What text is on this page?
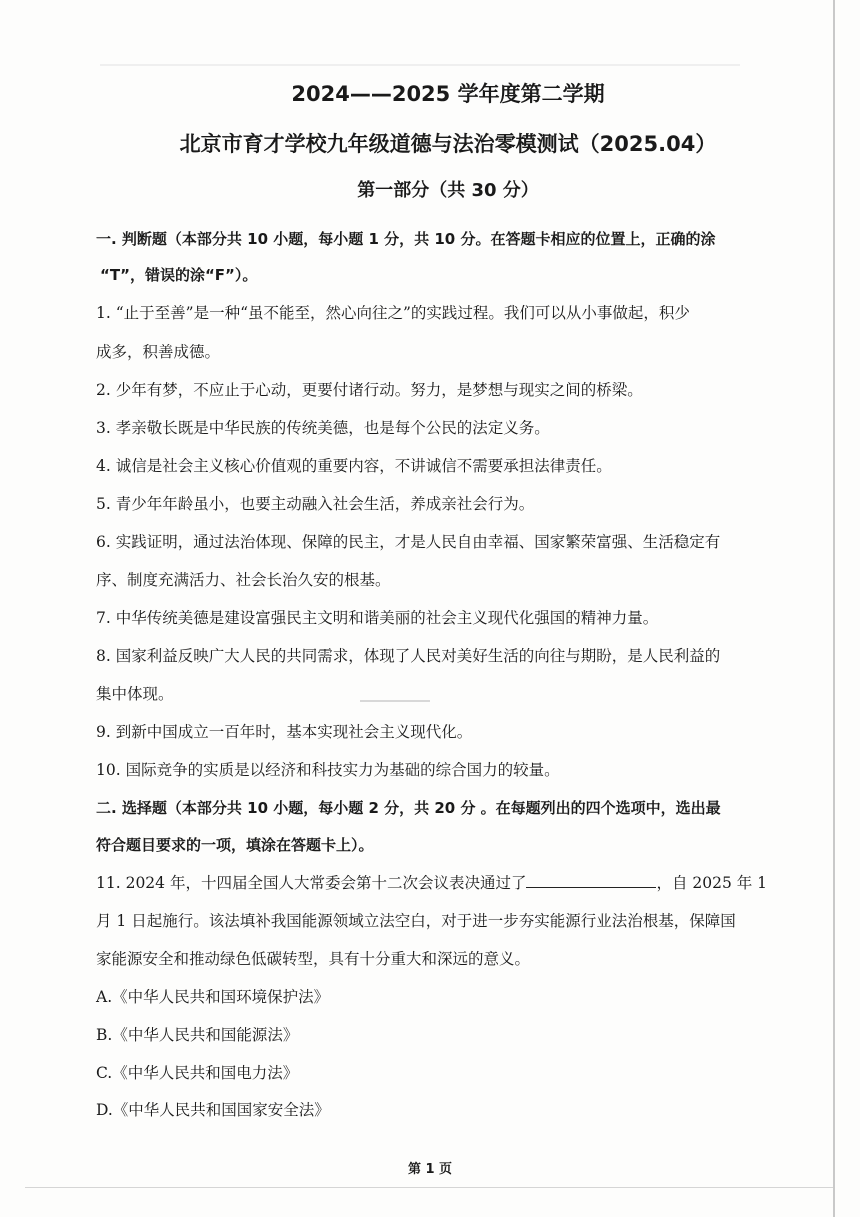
2024——2025 学年度第二学期
北京市育才学校九年级道德与法治零模测试（2025.04）
第一部分（共 30 分）
一. 判断题（本部分共 10 小题，每小题 1 分，共 10 分。在答题卡相应的位置上，正确的涂
“T”，错误的涂“F”）。
1. “止于至善”是一种“虽不能至，然心向往之”的实践过程。我们可以从小事做起，积少
成多，积善成德。
2. 少年有梦，不应止于心动，更要付诸行动。努力，是梦想与现实之间的桥梁。
3. 孝亲敬长既是中华民族的传统美德，也是每个公民的法定义务。
4. 诚信是社会主义核心价值观的重要内容，不讲诚信不需要承担法律责任。
5. 青少年年龄虽小，也要主动融入社会生活，养成亲社会行为。
6. 实践证明，通过法治体现、保障的民主，才是人民自由幸福、国家繁荣富强、生活稳定有
序、制度充满活力、社会长治久安的根基。
7. 中华传统美德是建设富强民主文明和谐美丽的社会主义现代化强国的精神力量。
8. 国家利益反映广大人民的共同需求，体现了人民对美好生活的向往与期盼，是人民利益的
集中体现。
9. 到新中国成立一百年时，基本实现社会主义现代化。
10. 国际竞争的实质是以经济和科技实力为基础的综合国力的较量。
二. 选择题（本部分共 10 小题，每小题 2 分，共 20 分 。在每题列出的四个选项中，选出最
符合题目要求的一项，填涂在答题卡上）。
11. 2024 年，十四届全国人大常委会第十二次会议表决通过了	，自 2025 年 1
月 1 日起施行。该法填补我国能源领域立法空白，对于进一步夯实能源行业法治根基，保障国
家能源安全和推动绿色低碳转型，具有十分重大和深远的意义。
A.《中华人民共和国环境保护法》
B.《中华人民共和国能源法》
C.《中华人民共和国电力法》
D.《中华人民共和国国家安全法》
第 1 页
